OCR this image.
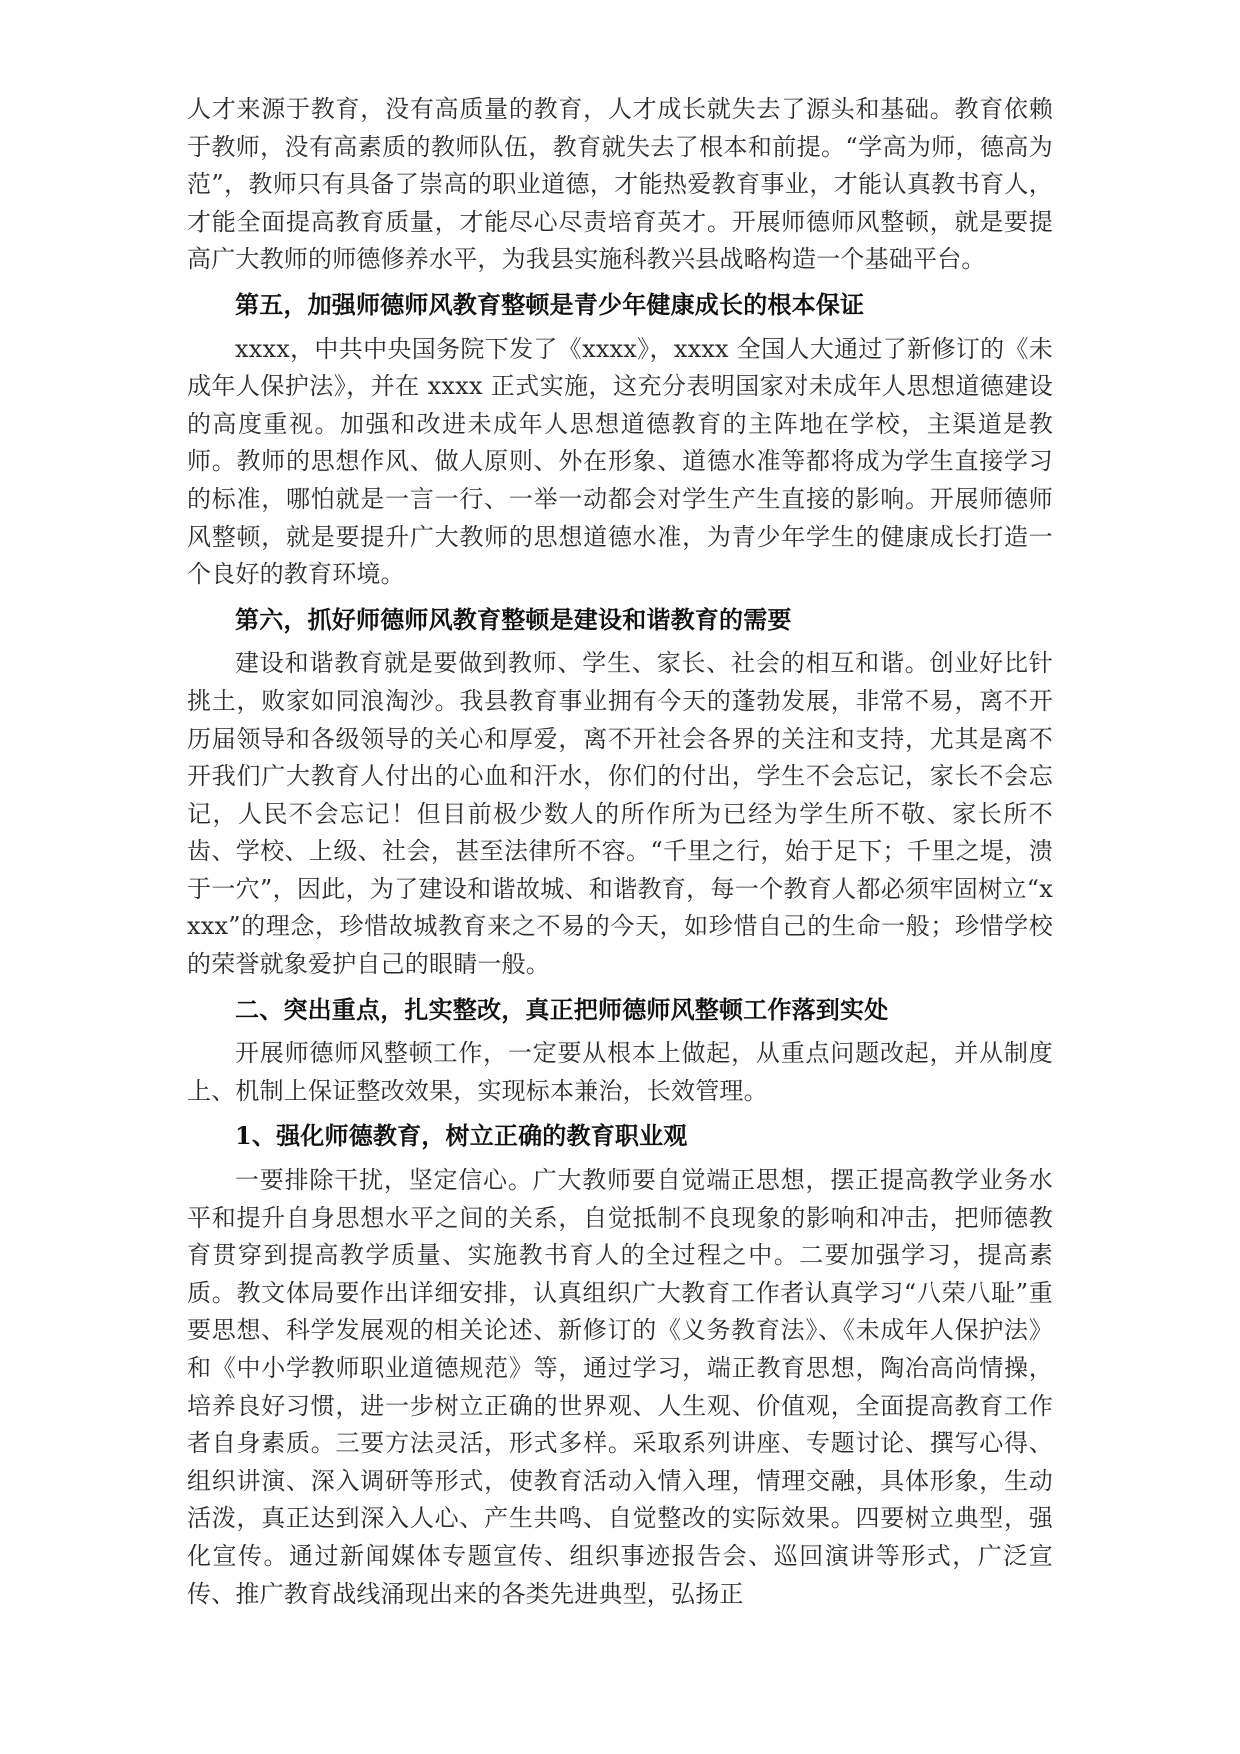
人才来源于教育，没有高质量的教育，人才成长就失去了源头和基础。教育依赖于教师，没有高素质的教师队伍，教育就失去了根本和前提。“学高为师，德高为范”，教师只有具备了崇高的职业道德，才能热爱教育事业，才能认真教书育人，才能全面提高教育质量，才能尽心尽责培育英才。开展师德师风整顿，就是要提高广大教师的师德修养水平，为我县实施科教兴县战略构造一个基础平台。

第五，加强师德师风教育整顿是青少年健康成长的根本保证

xxxx，中共中央国务院下发了《xxxx》，xxxx 全国人大通过了新修订的《未成年人保护法》，并在 xxxx 正式实施，这充分表明国家对未成年人思想道德建设的高度重视。加强和改进未成年人思想道德教育的主阵地在学校，主渠道是教师。教师的思想作风、做人原则、外在形象、道德水准等都将成为学生直接学习的标准，哪怕就是一言一行、一举一动都会对学生产生直接的影响。开展师德师风整顿，就是要提升广大教师的思想道德水准，为青少年学生的健康成长打造一个良好的教育环境。

第六，抓好师德师风教育整顿是建设和谐教育的需要

建设和谐教育就是要做到教师、学生、家长、社会的相互和谐。创业好比针挑土，败家如同浪淘沙。我县教育事业拥有今天的蓬勃发展，非常不易，离不开历届领导和各级领导的关心和厚爱，离不开社会各界的关注和支持，尤其是离不开我们广大教育人付出的心血和汗水，你们的付出，学生不会忘记，家长不会忘记，人民不会忘记！但目前极少数人的所作所为已经为学生所不敬、家长所不齿、学校、上级、社会，甚至法律所不容。“千里之行，始于足下；千里之堤，溃于一穴”，因此，为了建设和谐故城、和谐教育，每一个教育人都必须牢固树立“xxxx”的理念，珍惜故城教育来之不易的今天，如珍惜自己的生命一般；珍惜学校的荣誉就象爱护自己的眼睛一般。

二、突出重点，扎实整改，真正把师德师风整顿工作落到实处

开展师德师风整顿工作，一定要从根本上做起，从重点问题改起，并从制度上、机制上保证整改效果，实现标本兼治，长效管理。

1、强化师德教育，树立正确的教育职业观

一要排除干扰，坚定信心。广大教师要自觉端正思想，摆正提高教学业务水平和提升自身思想水平之间的关系，自觉抵制不良现象的影响和冲击，把师德教育贯穿到提高教学质量、实施教书育人的全过程之中。二要加强学习，提高素质。教文体局要作出详细安排，认真组织广大教育工作者认真学习“八荣八耻”重要思想、科学发展观的相关论述、新修订的《义务教育法》、《未成年人保护法》和《中小学教师职业道德规范》等，通过学习，端正教育思想，陶冶高尚情操，培养良好习惯，进一步树立正确的世界观、人生观、价值观，全面提高教育工作者自身素质。三要方法灵活，形式多样。采取系列讲座、专题讨论、撰写心得、组织讲演、深入调研等形式，使教育活动入情入理，情理交融，具体形象，生动活泼，真正达到深入人心、产生共鸣、自觉整改的实际效果。四要树立典型，强化宣传。通过新闻媒体专题宣传、组织事迹报告会、巡回演讲等形式，广泛宣传、推广教育战线涌现出来的各类先进典型，弘扬正
